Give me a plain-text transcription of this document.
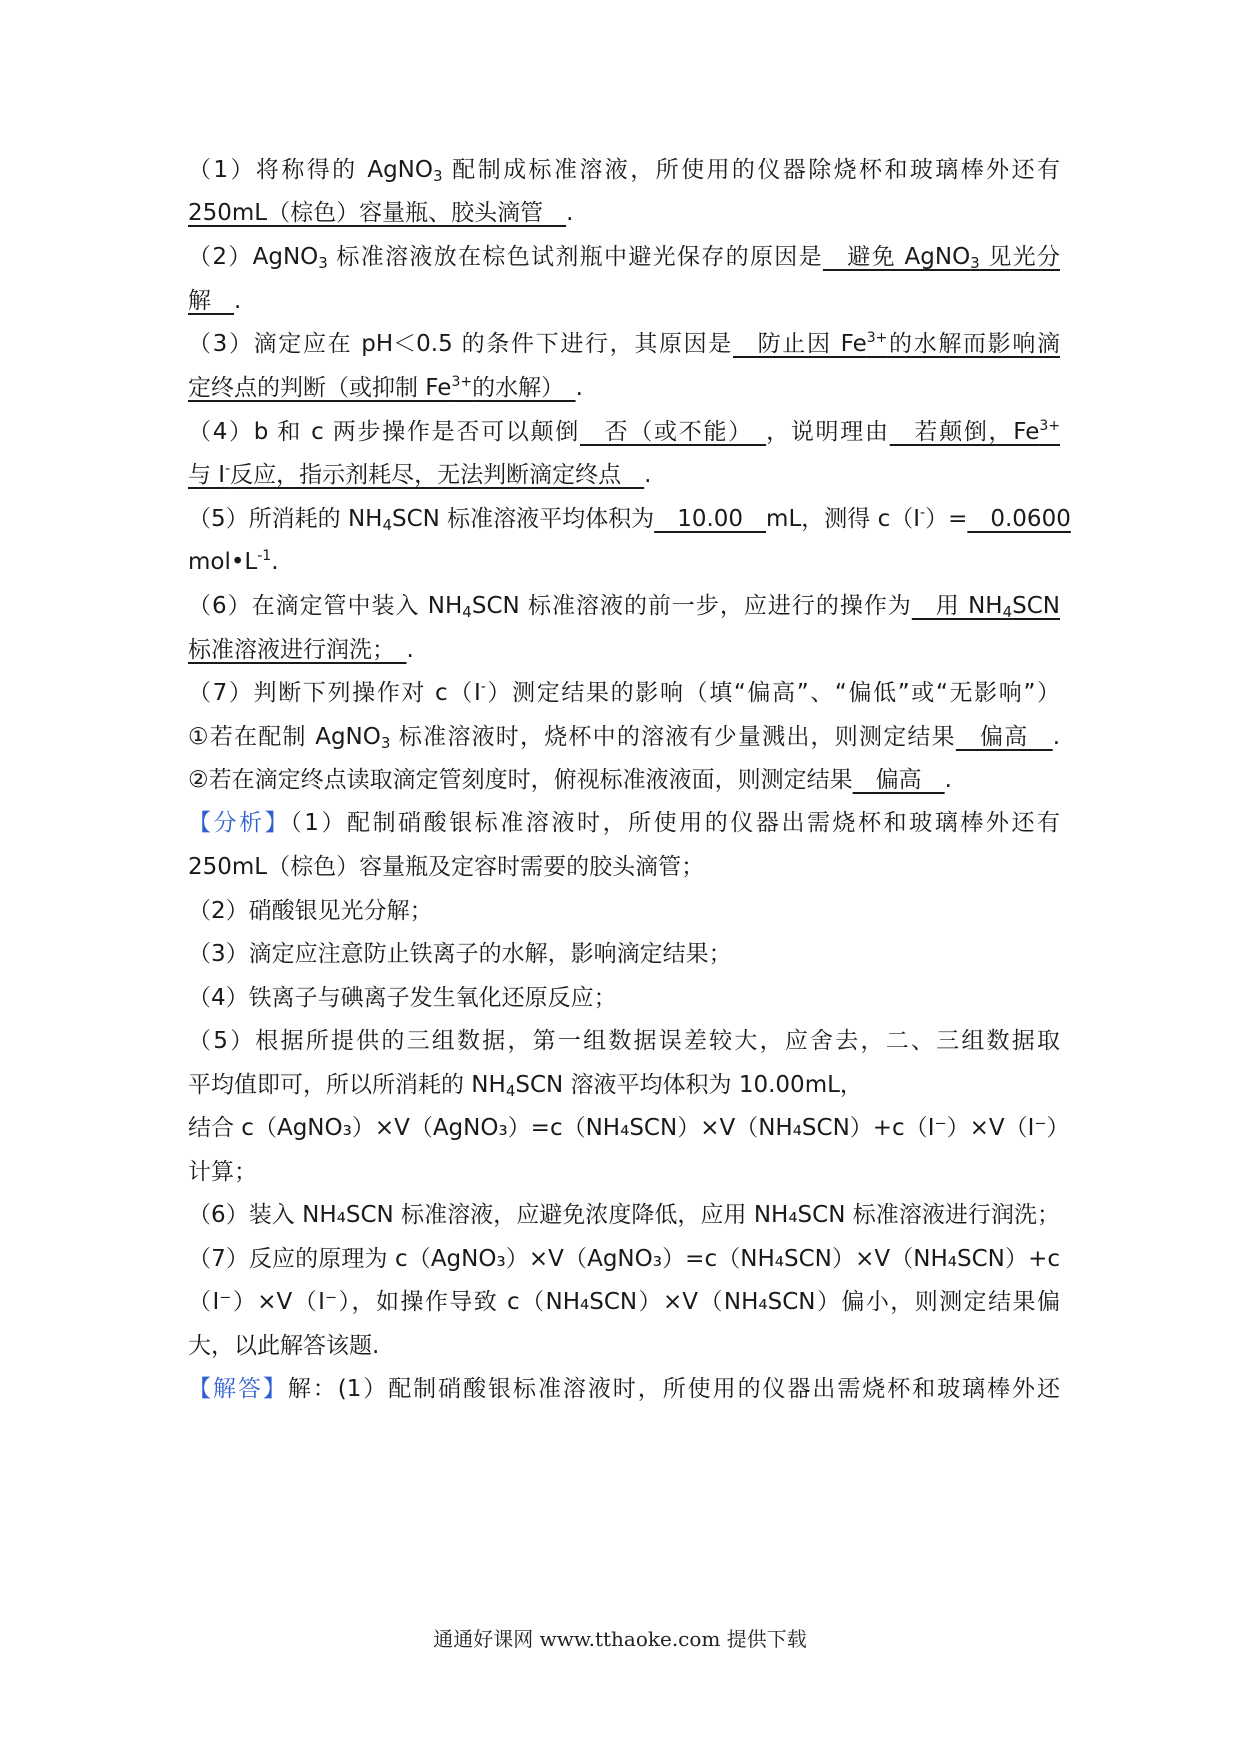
（1）将称得的 AgNO$_3$ 配制成标准溶液，所使用的仪器除烧杯和玻璃棒外还有
250mL（棕色）容量瓶、胶头滴管　.
（2）AgNO$_3$ 标准溶液放在棕色试剂瓶中避光保存的原因是　避免 AgNO$_3$ 见光分
解　.
（3）滴定应在 pH＜0.5 的条件下进行，其原因是　防止因 $Fe^{3+}$的水解而影响滴
定终点的判断（或抑制 $Fe^{3+}$的水解）　.
（4）b 和 c 两步操作是否可以颠倒　否（或不能）　，说明理由　若颠倒，$Fe^{3+}$
与 I-反应，指示剂耗尽，无法判断滴定终点　.
（5）所消耗的 $NH_4SCN$ 标准溶液平均体积为　10.00　mL，测得 c（I-）=　0.0600
$mol•L^{-1}$.
（6）在滴定管中装入 $NH_4SCN$ 标准溶液的前一步，应进行的操作为　用 $NH_4SCN$
标准溶液进行润洗；　.
（7）判断下列操作对 c（I-）测定结果的影响（填“偏高”、“偏低”或“无影响”）
①若在配制 AgNO$_3$ 标准溶液时，烧杯中的溶液有少量溅出，则测定结果　偏高　.
②若在滴定终点读取滴定管刻度时，俯视标准液液面，则测定结果　偏高　.
【分析】（1）配制硝酸银标准溶液时，所使用的仪器出需烧杯和玻璃棒外还有
250mL（棕色）容量瓶及定容时需要的胶头滴管；
（2）硝酸银见光分解；
（3）滴定应注意防止铁离子的水解，影响滴定结果；
（4）铁离子与碘离子发生氧化还原反应；
（5）根据所提供的三组数据，第一组数据误差较大，应舍去，二、三组数据取
平均值即可，所以所消耗的 $NH_4SCN$ 溶液平均体积为 10.00mL，
结合 c（AgNO₃）×V（AgNO₃）=c（NH₄SCN）×V（NH₄SCN）+c（I⁻）×V（I⁻）
计算；
（6）装入 NH₄SCN 标准溶液，应避免浓度降低，应用 NH₄SCN 标准溶液进行润洗；
（7）反应的原理为 c（AgNO₃）×V（AgNO₃）=c（NH₄SCN）×V（NH₄SCN）+c
（I⁻）×V（I⁻），如操作导致 c（NH₄SCN）×V（NH₄SCN）偏小，则测定结果偏
大，以此解答该题.
【解答】解：(1）配制硝酸银标准溶液时，所使用的仪器出需烧杯和玻璃棒外还
通通好课网 www.tthaoke.com 提供下载
